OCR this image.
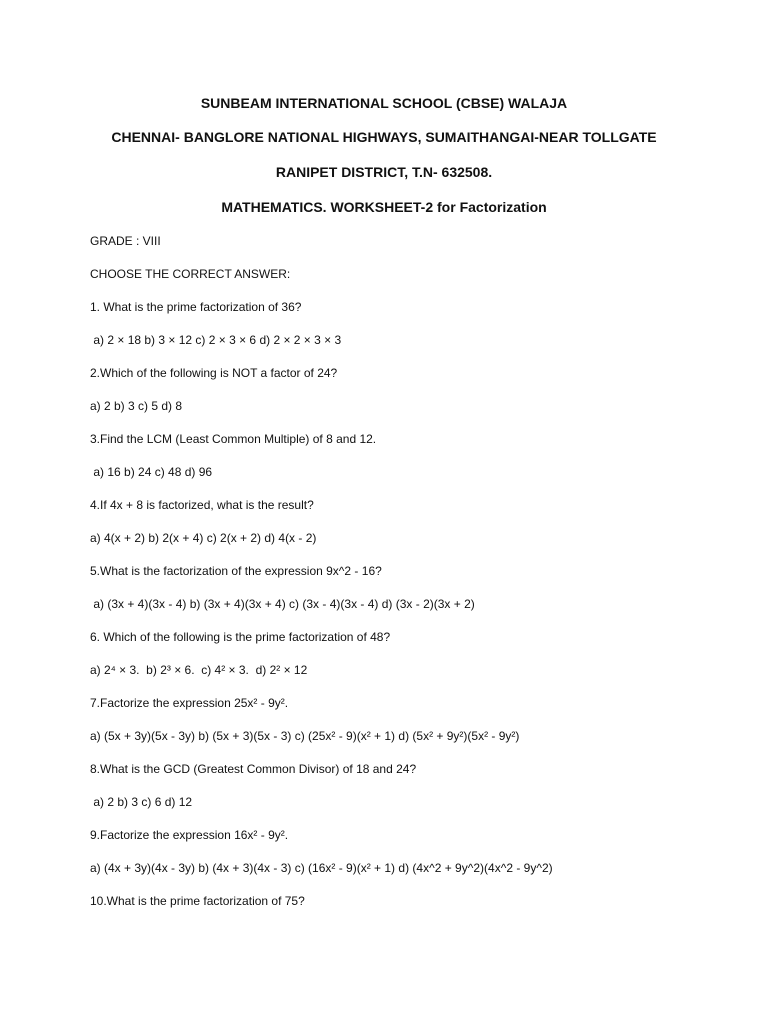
SUNBEAM INTERNATIONAL SCHOOL (CBSE) WALAJA
CHENNAI- BANGLORE NATIONAL HIGHWAYS, SUMAITHANGAI-NEAR TOLLGATE
RANIPET DISTRICT, T.N- 632508.
MATHEMATICS. WORKSHEET-2 for Factorization
GRADE : VIII
CHOOSE THE CORRECT ANSWER:
1. What is the prime factorization of 36?
a) 2 × 18 b) 3 × 12 c) 2 × 3 × 6 d) 2 × 2 × 3 × 3
2.Which of the following is NOT a factor of 24?
a) 2 b) 3 c) 5 d) 8
3.Find the LCM (Least Common Multiple) of 8 and 12.
a) 16 b) 24 c) 48 d) 96
4.If 4x + 8 is factorized, what is the result?
a) 4(x + 2) b) 2(x + 4) c) 2(x + 2) d) 4(x - 2)
5.What is the factorization of the expression 9x^2 - 16?
a) (3x + 4)(3x - 4) b) (3x + 4)(3x + 4) c) (3x - 4)(3x - 4) d) (3x - 2)(3x + 2)
6. Which of the following is the prime factorization of 48?
a) 2⁴ × 3.  b) 2³ × 6.  c) 4² × 3.  d) 2² × 12
7.Factorize the expression 25x² - 9y².
a) (5x + 3y)(5x - 3y) b) (5x + 3)(5x - 3) c) (25x² - 9)(x² + 1) d) (5x² + 9y²)(5x² - 9y²)
8.What is the GCD (Greatest Common Divisor) of 18 and 24?
a) 2 b) 3 c) 6 d) 12
9.Factorize the expression 16x² - 9y².
a) (4x + 3y)(4x - 3y) b) (4x + 3)(4x - 3) c) (16x² - 9)(x² + 1) d) (4x^2 + 9y^2)(4x^2 - 9y^2)
10.What is the prime factorization of 75?
